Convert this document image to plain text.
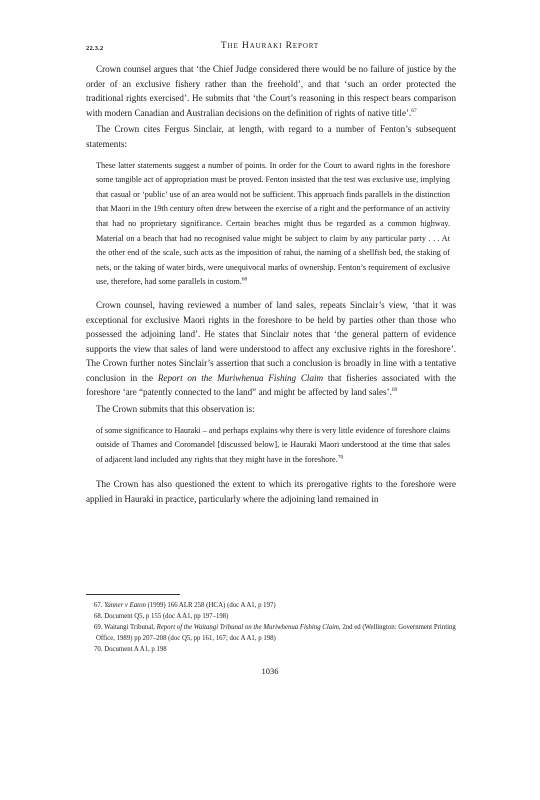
22.3.2	The Hauraki Report

Crown counsel argues that ‘the Chief Judge considered there would be no failure of justice by the order of an exclusive fishery rather than the freehold’, and that ‘such an order protected the traditional rights exercised’. He submits that ‘the Court’s reasoning in this respect bears comparison with modern Canadian and Australian decisions on the definition of rights of native title’.$^{67}$

The Crown cites Fergus Sinclair, at length, with regard to a number of Fenton’s subsequent statements:

These latter statements suggest a number of points. In order for the Court to award rights in the foreshore some tangible act of appropriation must be proved. Fenton insisted that the test was exclusive use, implying that casual or ‘public’ use of an area would not be sufficient. This approach finds parallels in the distinction that Maori in the 19th century often drew between the exercise of a right and the performance of an activity that had no proprietary significance. Certain beaches might thus be regarded as a common highway. Material on a beach that had no recognised value might be subject to claim by any particular party . . . At the other end of the scale, such acts as the imposition of rahui, the naming of a shellfish bed, the staking of nets, or the taking of water birds, were unequivocal marks of ownership. Fenton’s requirement of exclusive use, therefore, had some parallels in custom.$^{68}$

Crown counsel, having reviewed a number of land sales, repeats Sinclair’s view, ‘that it was exceptional for exclusive Maori rights in the foreshore to be held by parties other than those who possessed the adjoining land’. He states that Sinclair notes that ‘the general pattern of evidence supports the view that sales of land were understood to affect any exclusive rights in the foreshore’. The Crown further notes Sinclair’s assertion that such a conclusion is broadly in line with a tentative conclusion in the Report on the Muriwhenua Fishing Claim that fisheries associated with the foreshore ‘are “patently connected to the land” and might be affected by land sales’.$^{69}$

The Crown submits that this observation is:

of some significance to Hauraki – and perhaps explains why there is very little evidence of foreshore claims outside of Thames and Coromandel [discussed below], ie Hauraki Maori understood at the time that sales of adjacent land included any rights that they might have in the foreshore.$^{70}$

The Crown has also questioned the extent to which its prerogative rights to the foreshore were applied in Hauraki in practice, particularly where the adjoining land remained in

67. Yanner v Eaton (1999) 166 ALR 258 (HCA) (doc A A1, p 197)

68. Document Q5, p 155 (doc A A1, pp 197–198)

69. Waitangi Tribunal, Report of the Waitangi Tribunal on the Muriwhenua Fishing Claim, 2nd ed (Wellington: Government Printing Office, 1989) pp 207–208 (doc Q5, pp 161, 167; doc A A1, p 198)

70. Document A A1, p 198

1036
